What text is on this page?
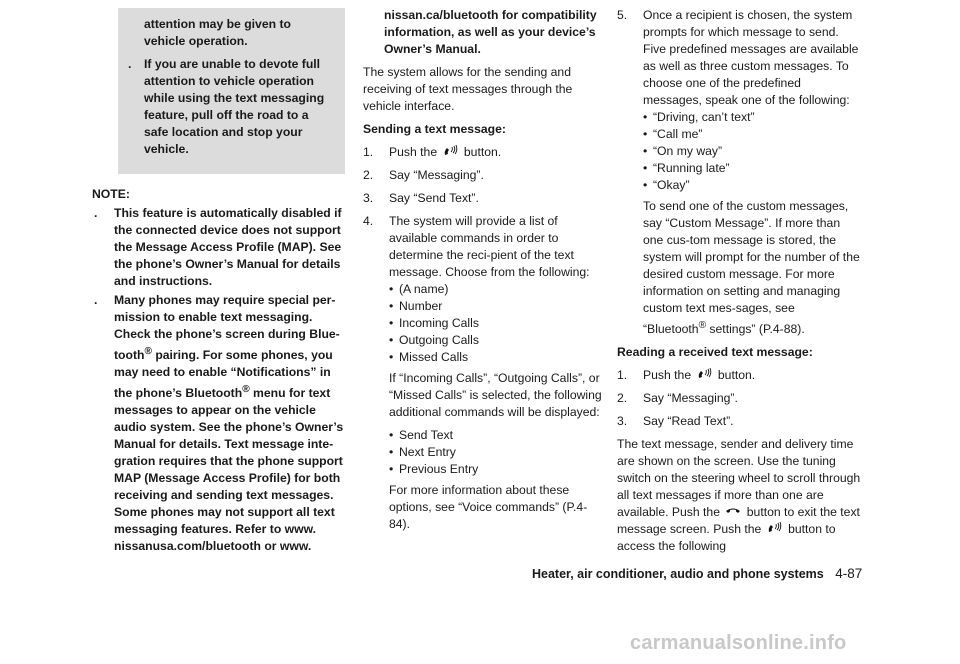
attention may be given to vehicle operation.
. If you are unable to devote full attention to vehicle operation while using the text messaging feature, pull off the road to a safe location and stop your vehicle.
NOTE:
. This feature is automatically disabled if the connected device does not support the Message Access Profile (MAP). See the phone’s Owner’s Manual for details and instructions.
. Many phones may require special per-mission to enable text messaging. Check the phone’s screen during Blue-tooth® pairing. For some phones, you may need to enable “Notifications” in the phone’s Bluetooth® menu for text messages to appear on the vehicle audio system. See the phone’s Owner’s Manual for details. Text message inte-gration requires that the phone support MAP (Message Access Profile) for both receiving and sending text messages. Some phones may not support all text messaging features. Refer to www. nissanusa.com/bluetooth or www.
nissan.ca/bluetooth for compatibility information, as well as your device’s Owner’s Manual.

The system allows for the sending and receiving of text messages through the vehicle interface.

Sending a text message:

1. Push the button.
2. Say “Messaging”.
3. Say “Send Text”.
4. The system will provide a list of available commands in order to determine the reci-pient of the text message. Choose from the following:
• (A name)
• Number
• Incoming Calls
• Outgoing Calls
• Missed Calls

If “Incoming Calls”, “Outgoing Calls”, or “Missed Calls” is selected, the following additional commands will be displayed:

• Send Text
• Next Entry
• Previous Entry

For more information about these options, see “Voice commands” (P.4-84).

5. Once a recipient is chosen, the system prompts for which message to send. Five predefined messages are available as well as three custom messages. To choose one of the predefined messages, speak one of the following:
• “Driving, can’t text”
• “Call me”
• “On my way”
• “Running late”
• “Okay”

To send one of the custom messages, say “Custom Message”. If more than one cus-tom message is stored, the system will prompt for the number of the desired custom message. For more information on setting and managing custom text mes-sages, see “Bluetooth® settings” (P.4-88).

Reading a received text message:

1. Push the button.
2. Say “Messaging”.
3. Say “Read Text”.

The text message, sender and delivery time are shown on the screen. Use the tuning switch on the steering wheel to scroll through all text messages if more than one are available. Push the button to exit the text message screen. Push the button to access the following

Heater, air conditioner, audio and phone systems 4-87
carmanualsonline.info
